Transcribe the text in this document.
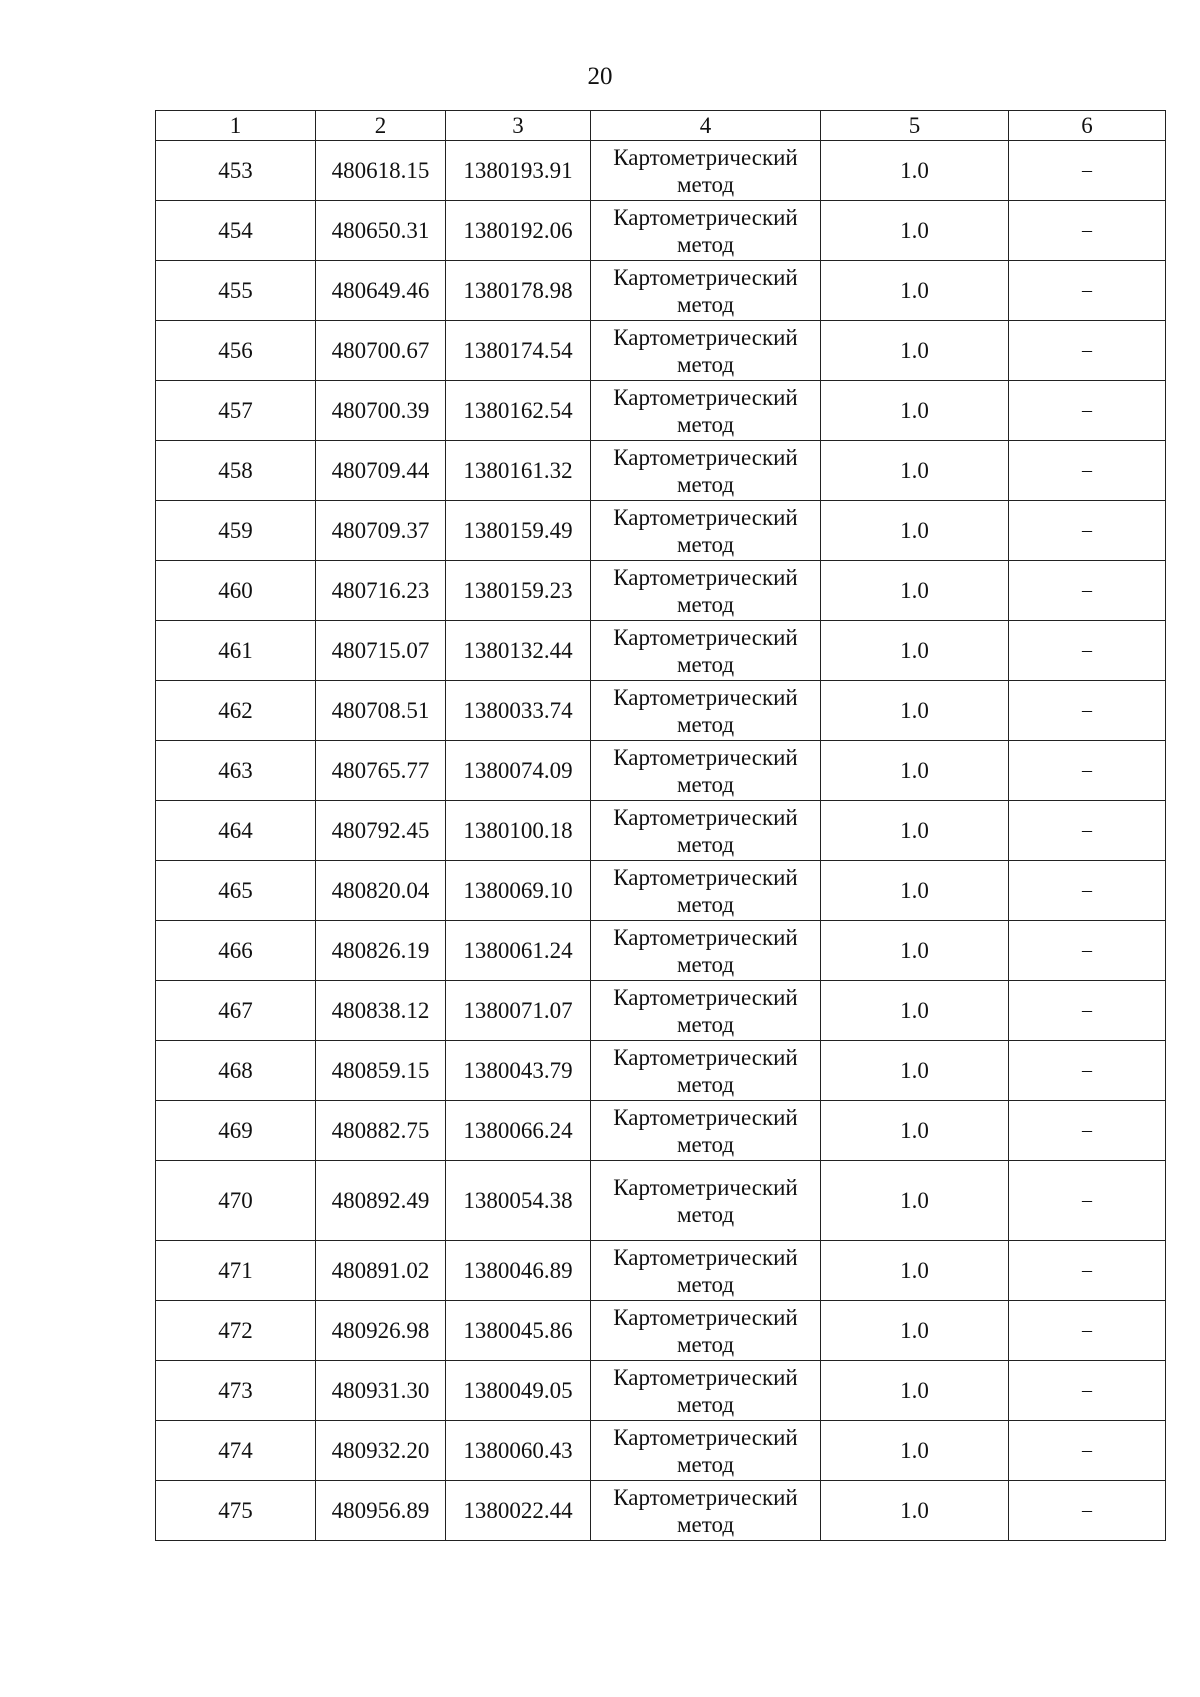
20
1	2	3	4	5	6
453	480618.15	1380193.91	Картометрический метод	1.0	–
454	480650.31	1380192.06	Картометрический метод	1.0	–
455	480649.46	1380178.98	Картометрический метод	1.0	–
456	480700.67	1380174.54	Картометрический метод	1.0	–
457	480700.39	1380162.54	Картометрический метод	1.0	–
458	480709.44	1380161.32	Картометрический метод	1.0	–
459	480709.37	1380159.49	Картометрический метод	1.0	–
460	480716.23	1380159.23	Картометрический метод	1.0	–
461	480715.07	1380132.44	Картометрический метод	1.0	–
462	480708.51	1380033.74	Картометрический метод	1.0	–
463	480765.77	1380074.09	Картометрический метод	1.0	–
464	480792.45	1380100.18	Картометрический метод	1.0	–
465	480820.04	1380069.10	Картометрический метод	1.0	–
466	480826.19	1380061.24	Картометрический метод	1.0	–
467	480838.12	1380071.07	Картометрический метод	1.0	–
468	480859.15	1380043.79	Картометрический метод	1.0	–
469	480882.75	1380066.24	Картометрический метод	1.0	–
470	480892.49	1380054.38	Картометрический метод	1.0	–
471	480891.02	1380046.89	Картометрический метод	1.0	–
472	480926.98	1380045.86	Картометрический метод	1.0	–
473	480931.30	1380049.05	Картометрический метод	1.0	–
474	480932.20	1380060.43	Картометрический метод	1.0	–
475	480956.89	1380022.44	Картометрический метод	1.0	–
